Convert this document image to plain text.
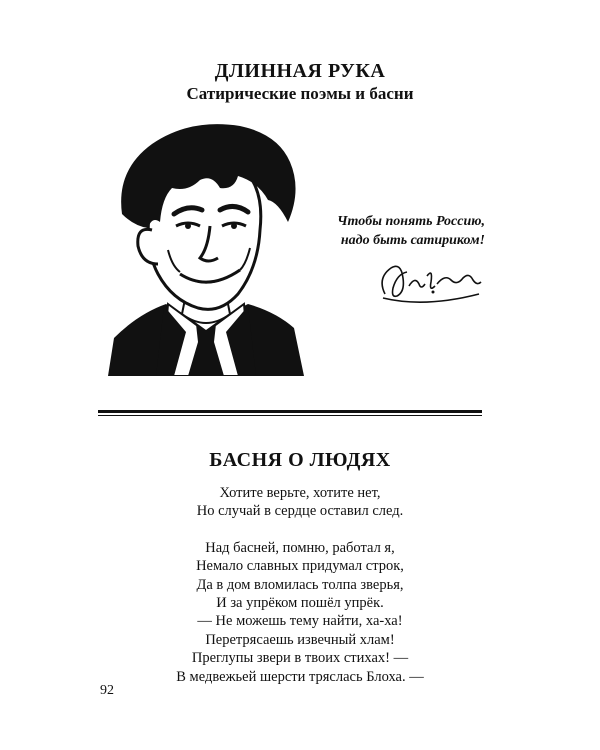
ДЛИННАЯ РУКА
Сатирические поэмы и басни
Чтобы понять Россию,
надо быть сатириком!
БАСНЯ О ЛЮДЯХ

Хотите верьте, хотите нет,
Но случай в сердце оставил след.

Над басней, помню, работал я,
Немало славных придумал строк,
Да в дом вломилась толпа зверья,
И за упрёком пошёл упрёк.
— Не можешь тему найти, ха-ха!
Перетрясаешь извечный хлам!
Преглупы звери в твоих стихах! —
В медвежьей шерсти тряслась Блоха. —

92
